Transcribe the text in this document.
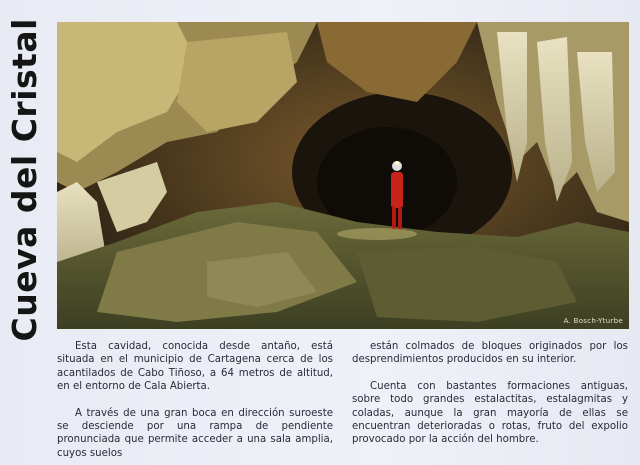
Cueva del Cristal	A. Bosch-Yturbe

Esta cavidad, conocida desde antaño, está situada en el municipio de Cartagena cerca de los acantilados de Cabo Tiñoso, a 64 metros de altitud, en el entorno de Cala Abierta.

A través de una gran boca en dirección suroeste se desciende por una rampa de pendiente pronunciada que permite acceder a una sala amplia, cuyos suelos

están colmados de bloques originados por los desprendimientos producidos en su interior.

Cuenta con bastantes formaciones antiguas, sobre todo grandes estalactitas, estalagmitas y coladas, aunque la gran mayoría de ellas se encuentran deterioradas o rotas, fruto del expolio provocado por la acción del hombre.
